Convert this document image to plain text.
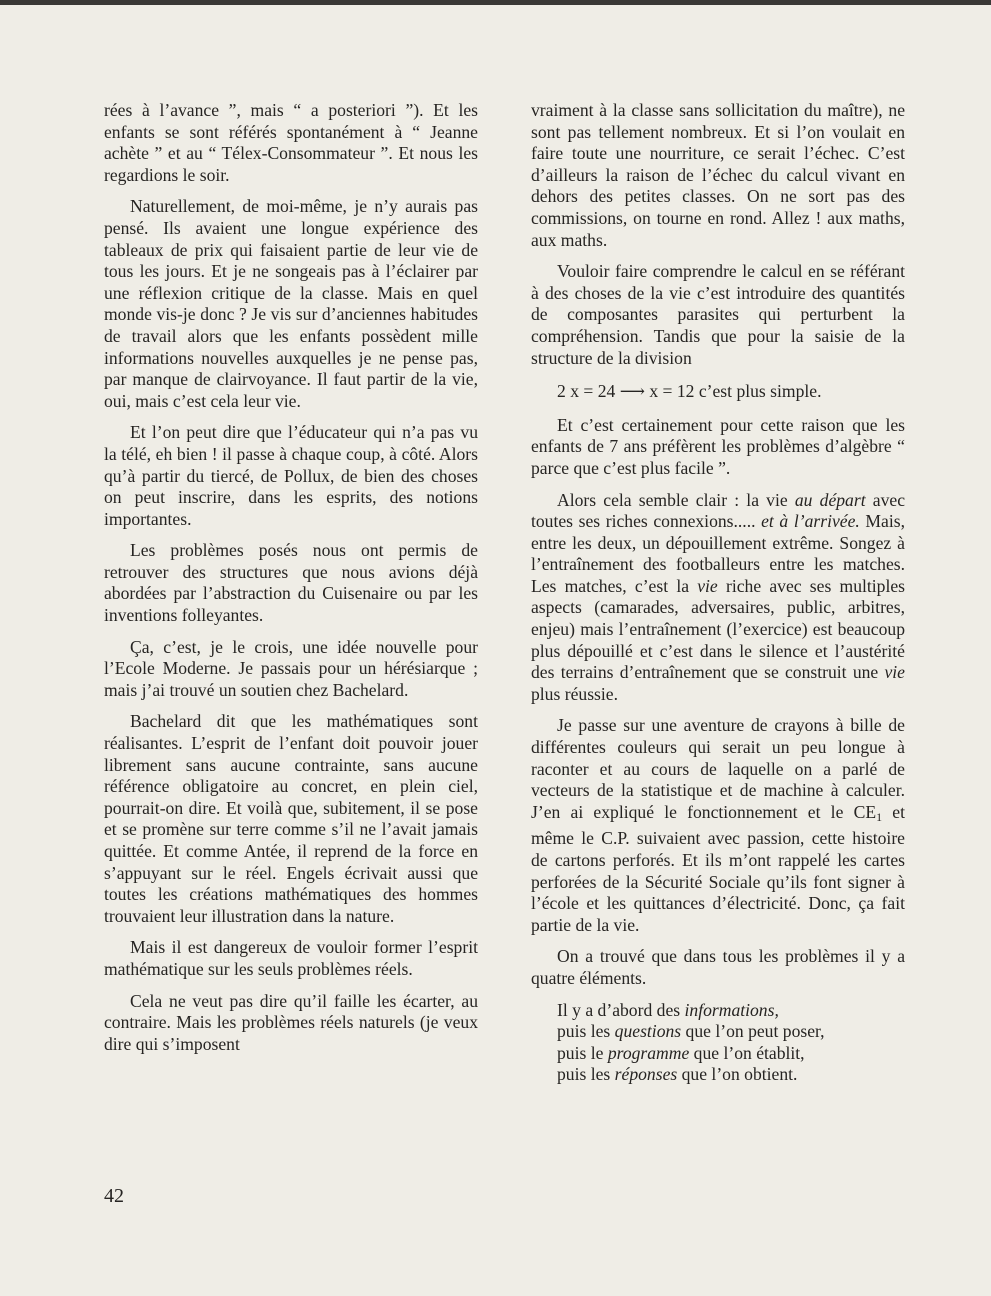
rées à l’avance ”, mais “ a posteriori ”). Et les enfants se sont référés spontanément à “ Jeanne achète ” et au “ Télex-Consommateur ”. Et nous les regardions le soir.

Naturellement, de moi-même, je n’y aurais pas pensé. Ils avaient une longue expérience des tableaux de prix qui faisaient partie de leur vie de tous les jours. Et je ne songeais pas à l’éclairer par une réflexion critique de la classe. Mais en quel monde vis-je donc ? Je vis sur d’anciennes habitudes de travail alors que les enfants possèdent mille informations nouvelles auxquelles je ne pense pas, par manque de clairvoyance. Il faut partir de la vie, oui, mais c’est cela leur vie.

Et l’on peut dire que l’éducateur qui n’a pas vu la télé, eh bien ! il passe à chaque coup, à côté. Alors qu’à partir du tiercé, de Pollux, de bien des choses on peut inscrire, dans les esprits, des notions importantes.

Les problèmes posés nous ont permis de retrouver des structures que nous avions déjà abordées par l’abstraction du Cuisenaire ou par les inventions folleyantes.

Ça, c’est, je le crois, une idée nouvelle pour l’Ecole Moderne. Je passais pour un hérésiarque ; mais j’ai trouvé un soutien chez Bachelard.

Bachelard dit que les mathématiques sont réalisantes. L’esprit de l’enfant doit pouvoir jouer librement sans aucune contrainte, sans aucune référence obligatoire au concret, en plein ciel, pourrait-on dire. Et voilà que, subitement, il se pose et se promène sur terre comme s’il ne l’avait jamais quittée. Et comme Antée, il reprend de la force en s’appuyant sur le réel. Engels écrivait aussi que toutes les créations mathématiques des hommes trouvaient leur illustration dans la nature.

Mais il est dangereux de vouloir former l’esprit mathématique sur les seuls problèmes réels.

Cela ne veut pas dire qu’il faille les écarter, au contraire. Mais les problèmes réels naturels (je veux dire qui s’imposent

vraiment à la classe sans sollicitation du maître), ne sont pas tellement nombreux. Et si l’on voulait en faire toute une nourriture, ce serait l’échec. C’est d’ailleurs la raison de l’échec du calcul vivant en dehors des petites classes. On ne sort pas des commissions, on tourne en rond. Allez ! aux maths, aux maths.

Vouloir faire comprendre le calcul en se référant à des choses de la vie c’est introduire des quantités de composantes parasites qui perturbent la compréhension. Tandis que pour la saisie de la structure de la division

2 x = 24 ⟶ x = 12 c’est plus simple.

Et c’est certainement pour cette raison que les enfants de 7 ans préfèrent les problèmes d’algèbre “ parce que c’est plus facile ”.

Alors cela semble clair : la vie au départ avec toutes ses riches connexions..... et à l’arrivée. Mais, entre les deux, un dépouillement extrême. Songez à l’entraînement des footballeurs entre les matches. Les matches, c’est la vie riche avec ses multiples aspects (camarades, adversaires, public, arbitres, enjeu) mais l’entraînement (l’exercice) est beaucoup plus dépouillé et c’est dans le silence et l’austérité des terrains d’entraînement que se construit une vie plus réussie.

Je passe sur une aventure de crayons à bille de différentes couleurs qui serait un peu longue à raconter et au cours de laquelle on a parlé de vecteurs de la statistique et de machine à calculer. J’en ai expliqué le fonctionnement et le $CE_1$ et même le C.P. suivaient avec passion, cette histoire de cartons perforés. Et ils m’ont rappelé les cartes perforées de la Sécurité Sociale qu’ils font signer à l’école et les quittances d’électricité. Donc, ça fait partie de la vie.

On a trouvé que dans tous les problèmes il y a quatre éléments.

Il y a d’abord des informations,
puis les questions que l’on peut poser,
puis le programme que l’on établit,
puis les réponses que l’on obtient.
42
